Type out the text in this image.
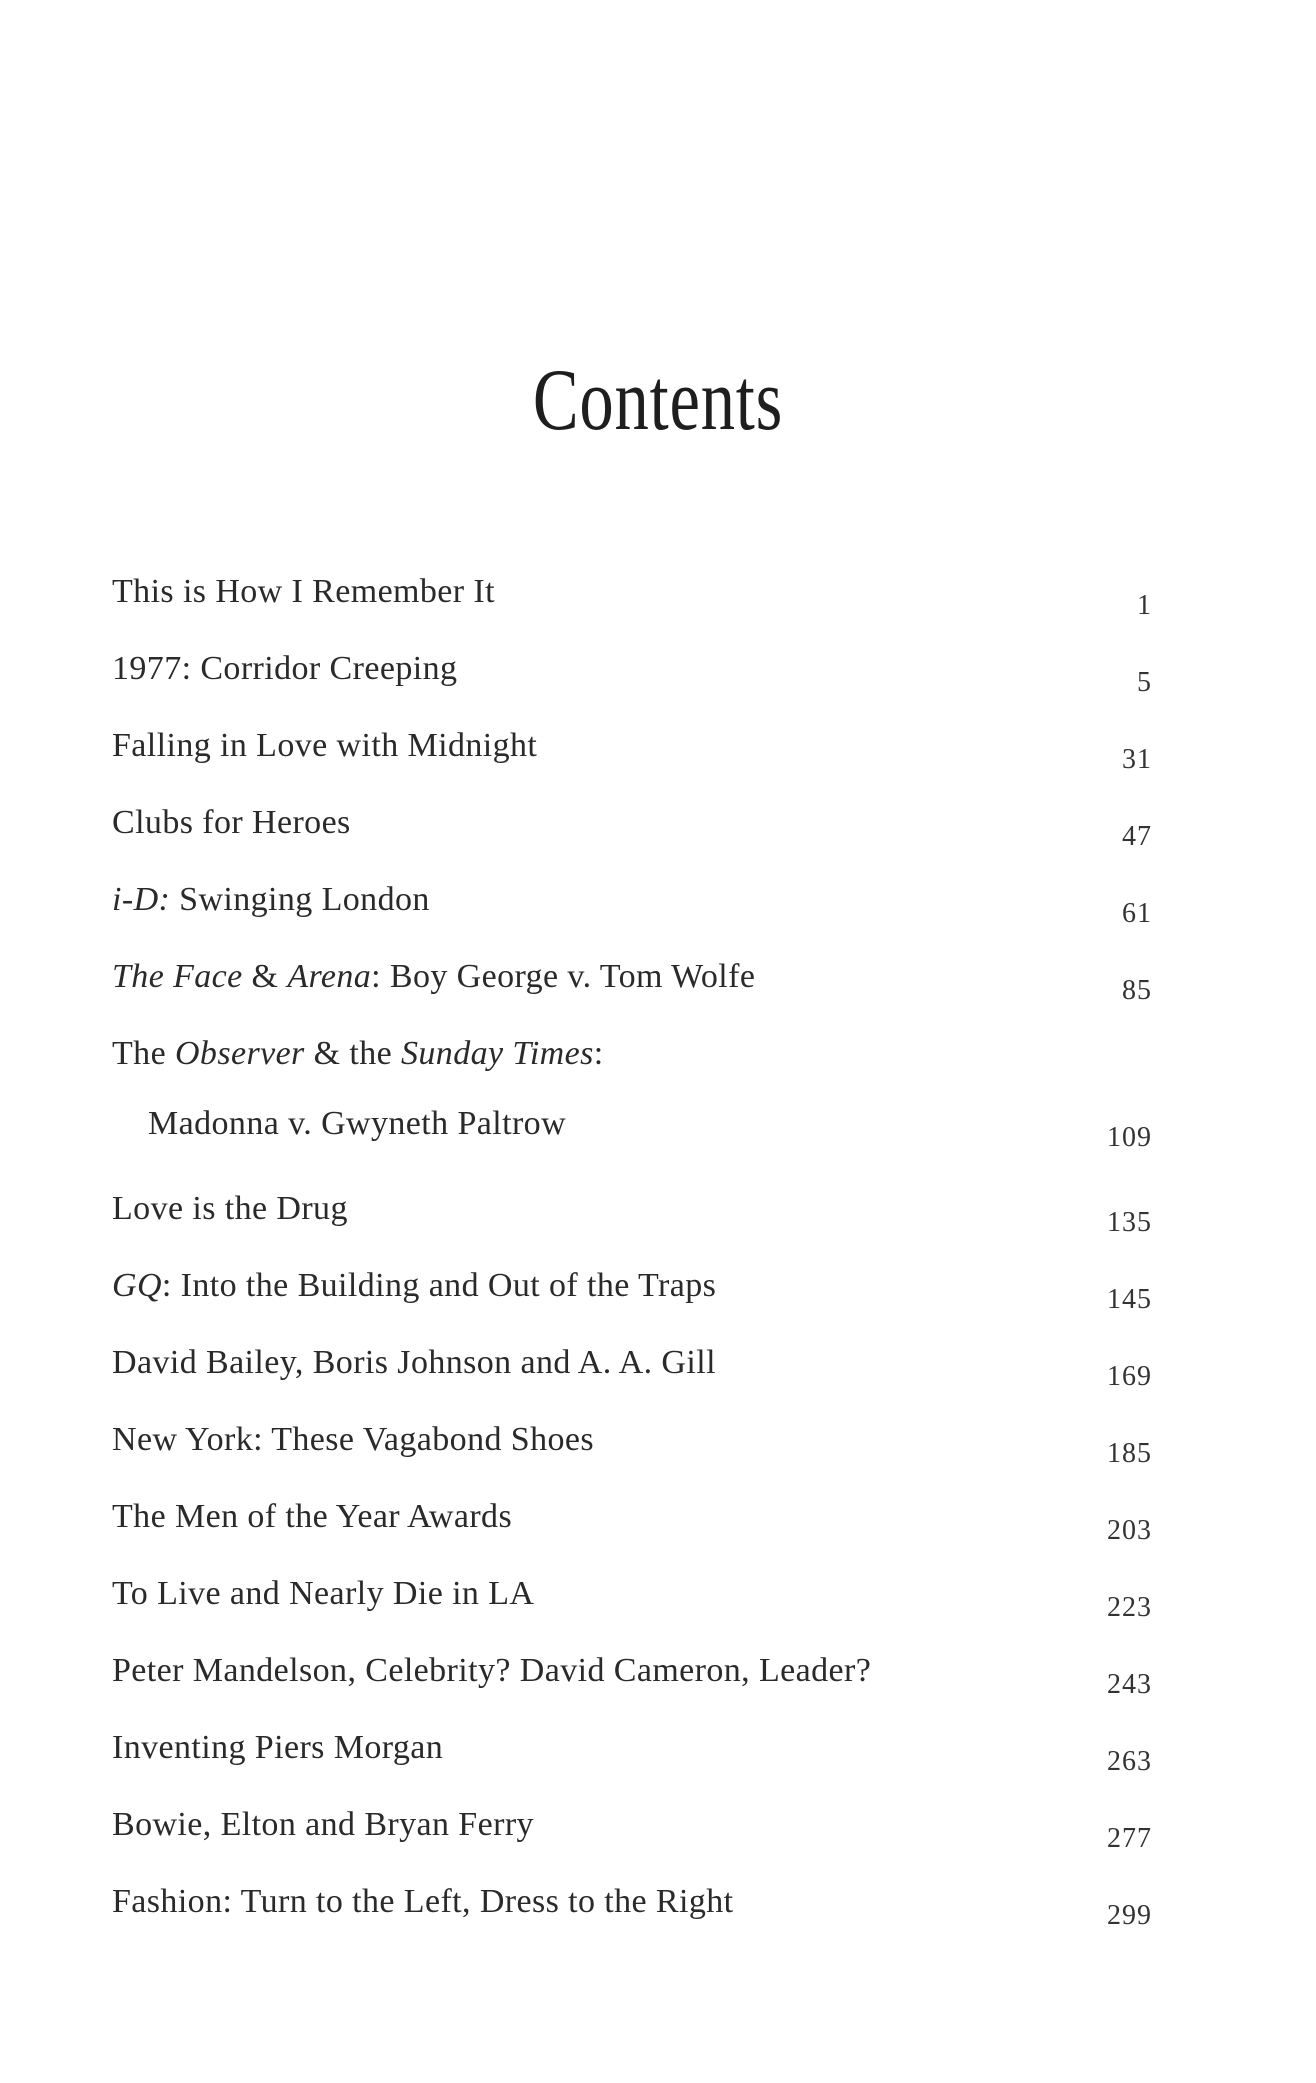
Contents
This is How I Remember It	1
1977: Corridor Creeping	5
Falling in Love with Midnight	31
Clubs for Heroes	47
i-D: Swinging London	61
The Face & Arena: Boy George v. Tom Wolfe	85
The Observer & the Sunday Times:
Madonna v. Gwyneth Paltrow	109
Love is the Drug	135
GQ: Into the Building and Out of the Traps	145
David Bailey, Boris Johnson and A. A. Gill	169
New York: These Vagabond Shoes	185
The Men of the Year Awards	203
To Live and Nearly Die in LA	223
Peter Mandelson, Celebrity? David Cameron, Leader?	243
Inventing Piers Morgan	263
Bowie, Elton and Bryan Ferry	277
Fashion: Turn to the Left, Dress to the Right	299
